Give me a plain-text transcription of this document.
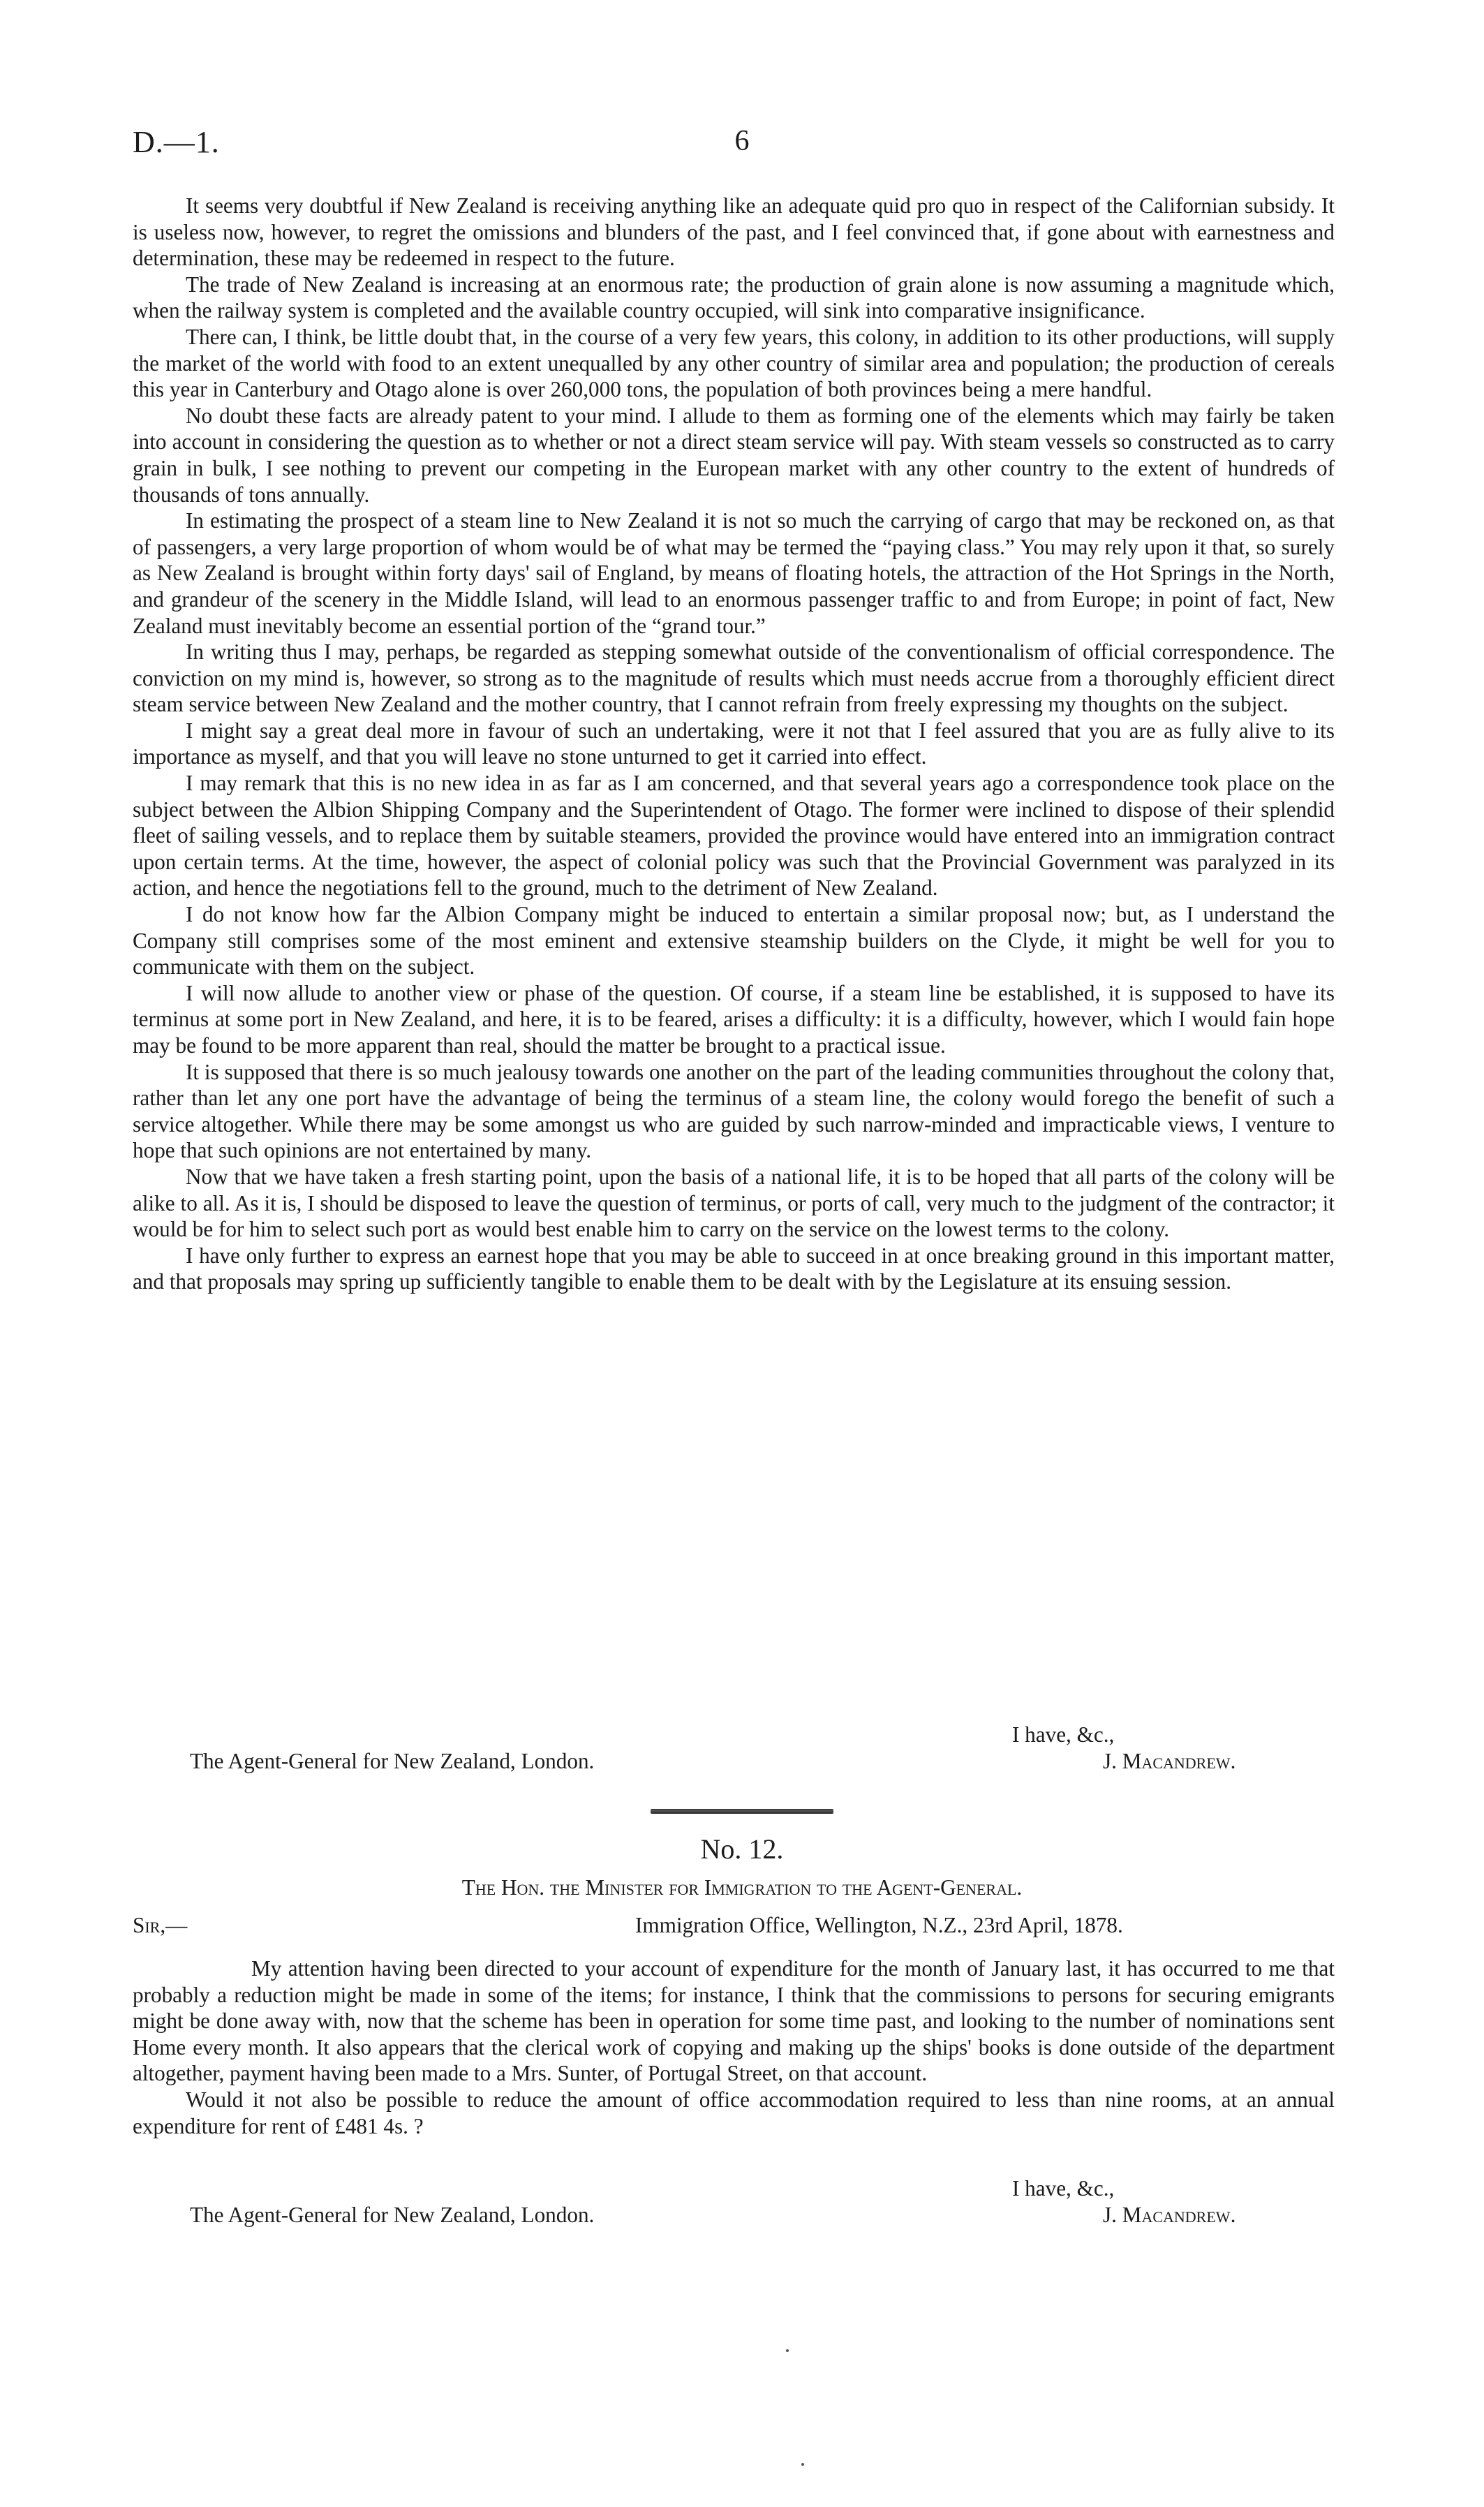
D.—1.	6

It seems very doubtful if New Zealand is receiving anything like an adequate quid pro quo in respect of the Californian subsidy. It is useless now, however, to regret the omissions and blunders of the past, and I feel convinced that, if gone about with earnestness and determination, these may be redeemed in respect to the future.

The trade of New Zealand is increasing at an enormous rate; the production of grain alone is now assuming a magnitude which, when the railway system is completed and the available country occupied, will sink into comparative insignificance.

There can, I think, be little doubt that, in the course of a very few years, this colony, in addition to its other productions, will supply the market of the world with food to an extent unequalled by any other country of similar area and population; the production of cereals this year in Canterbury and Otago alone is over 260,000 tons, the population of both provinces being a mere handful.

No doubt these facts are already patent to your mind. I allude to them as forming one of the elements which may fairly be taken into account in considering the question as to whether or not a direct steam service will pay. With steam vessels so constructed as to carry grain in bulk, I see nothing to prevent our competing in the European market with any other country to the extent of hundreds of thousands of tons annually.

In estimating the prospect of a steam line to New Zealand it is not so much the carrying of cargo that may be reckoned on, as that of passengers, a very large proportion of whom would be of what may be termed the “paying class.” You may rely upon it that, so surely as New Zealand is brought within forty days' sail of England, by means of floating hotels, the attraction of the Hot Springs in the North, and grandeur of the scenery in the Middle Island, will lead to an enormous passenger traffic to and from Europe; in point of fact, New Zealand must inevitably become an essential portion of the “grand tour.”

In writing thus I may, perhaps, be regarded as stepping somewhat outside of the conventionalism of official correspondence. The conviction on my mind is, however, so strong as to the magnitude of results which must needs accrue from a thoroughly efficient direct steam service between New Zealand and the mother country, that I cannot refrain from freely expressing my thoughts on the subject.

I might say a great deal more in favour of such an undertaking, were it not that I feel assured that you are as fully alive to its importance as myself, and that you will leave no stone unturned to get it carried into effect.

I may remark that this is no new idea in as far as I am concerned, and that several years ago a correspondence took place on the subject between the Albion Shipping Company and the Superintendent of Otago. The former were inclined to dispose of their splendid fleet of sailing vessels, and to replace them by suitable steamers, provided the province would have entered into an immigration contract upon certain terms. At the time, however, the aspect of colonial policy was such that the Provincial Government was paralyzed in its action, and hence the negotiations fell to the ground, much to the detriment of New Zealand.

I do not know how far the Albion Company might be induced to entertain a similar proposal now; but, as I understand the Company still comprises some of the most eminent and extensive steamship builders on the Clyde, it might be well for you to communicate with them on the subject.

I will now allude to another view or phase of the question. Of course, if a steam line be established, it is supposed to have its terminus at some port in New Zealand, and here, it is to be feared, arises a difficulty: it is a difficulty, however, which I would fain hope may be found to be more apparent than real, should the matter be brought to a practical issue.

It is supposed that there is so much jealousy towards one another on the part of the leading communities throughout the colony that, rather than let any one port have the advantage of being the terminus of a steam line, the colony would forego the benefit of such a service altogether. While there may be some amongst us who are guided by such narrow-minded and impracticable views, I venture to hope that such opinions are not entertained by many.

Now that we have taken a fresh starting point, upon the basis of a national life, it is to be hoped that all parts of the colony will be alike to all. As it is, I should be disposed to leave the question of terminus, or ports of call, very much to the judgment of the contractor; it would be for him to select such port as would best enable him to carry on the service on the lowest terms to the colony.

I have only further to express an earnest hope that you may be able to succeed in at once breaking ground in this important matter, and that proposals may spring up sufficiently tangible to enable them to be dealt with by the Legislature at its ensuing session.

I have, &c.,
The Agent-General for New Zealand, London.	J. Macandrew.
No. 12.
The Hon. the Minister for Immigration to the Agent-General.
Sir,—	Immigration Office, Wellington, N.Z., 23rd April, 1878.

My attention having been directed to your account of expenditure for the month of January last, it has occurred to me that probably a reduction might be made in some of the items; for instance, I think that the commissions to persons for securing emigrants might be done away with, now that the scheme has been in operation for some time past, and looking to the number of nominations sent Home every month. It also appears that the clerical work of copying and making up the ships' books is done outside of the department altogether, payment having been made to a Mrs. Sunter, of Portugal Street, on that account.

Would it not also be possible to reduce the amount of office accommodation required to less than nine rooms, at an annual expenditure for rent of £481 4s. ?

I have, &c.,
The Agent-General for New Zealand, London.	J. Macandrew.
